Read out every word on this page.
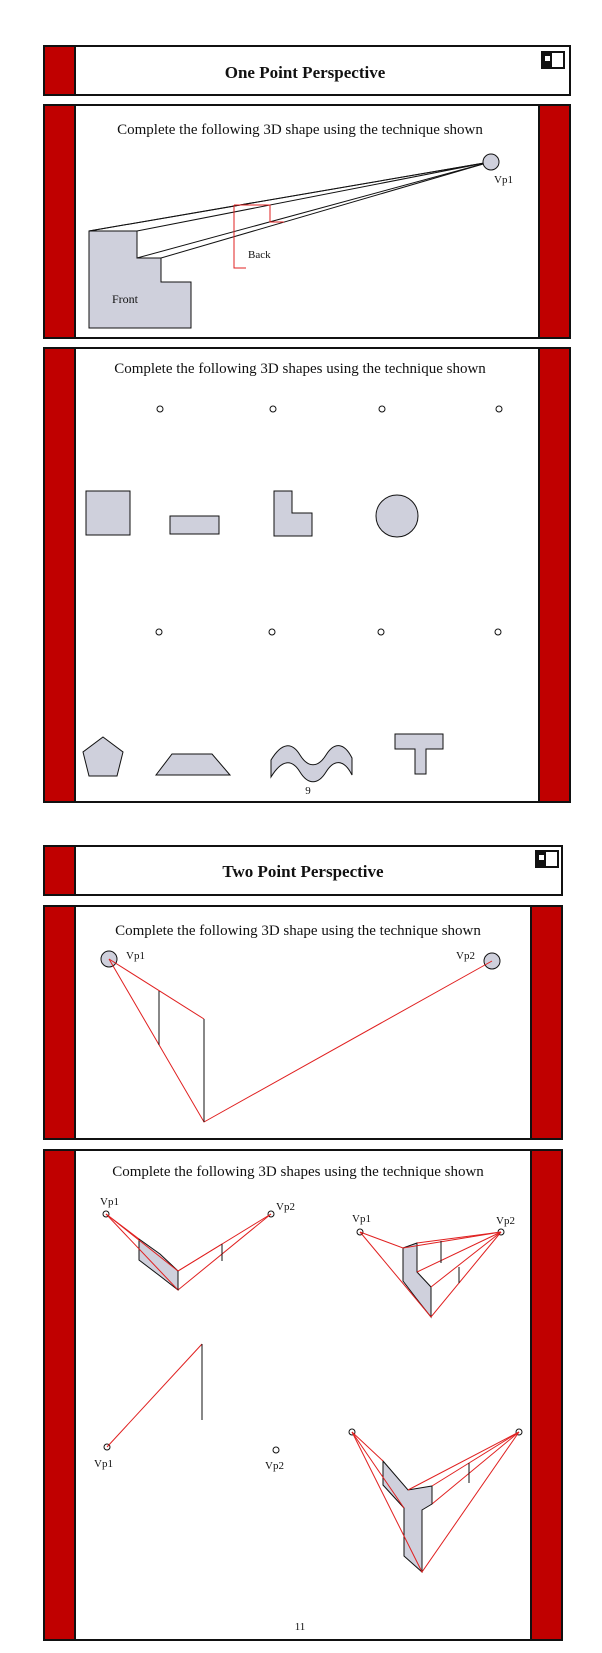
One Point Perspective
Complete the following 3D shape using the technique shown
Vp1
Back
Front
Complete the following 3D shapes using the technique shown
9
Two Point Perspective
Complete the following 3D shape using the technique shown
Vp1	Vp2
Complete the following 3D shapes using the technique shown
Vp1	Vp2
Vp1	Vp2
Vp1	Vp2
11
